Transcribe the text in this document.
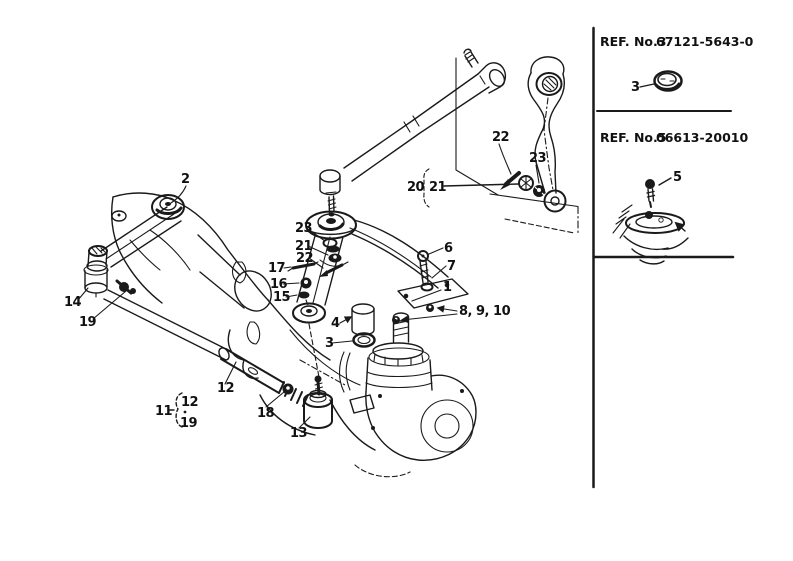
REF. No.3
67121-5643-0
3
REF. No.5
06613-20010
5
2
22
23
20 21
23
21
22
17
16
15
6
7
1
8, 9, 10
4
3
14
19
12
18
13
11
12
19
